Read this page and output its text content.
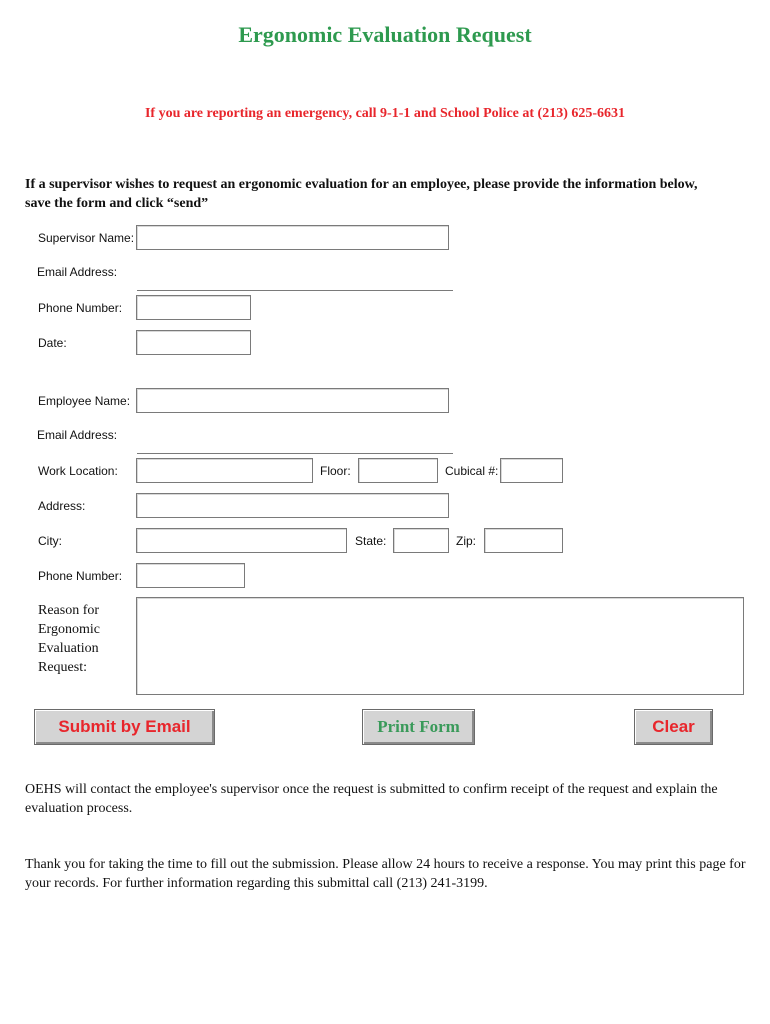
Ergonomic Evaluation Request
If you are reporting an emergency, call 9-1-1 and School Police at (213) 625-6631
If a supervisor wishes to request an ergonomic evaluation for an employee, please provide the information below, save the form and click “send”
Supervisor Name:
Email Address:
Phone Number:
Date:
Employee Name:
Email Address:
Work Location:	Floor:	Cubical #:
Address:
City:	State:	Zip:
Phone Number:
Reason for Ergonomic Evaluation Request:
Submit by Email	Print Form	Clear
OEHS will contact the employee's supervisor once the request is submitted to confirm receipt of the request and explain the evaluation process.
Thank you for taking the time to fill out the submission. Please allow 24 hours to receive a response. You may print this page for your records. For further information regarding this submittal call (213) 241-3199.
